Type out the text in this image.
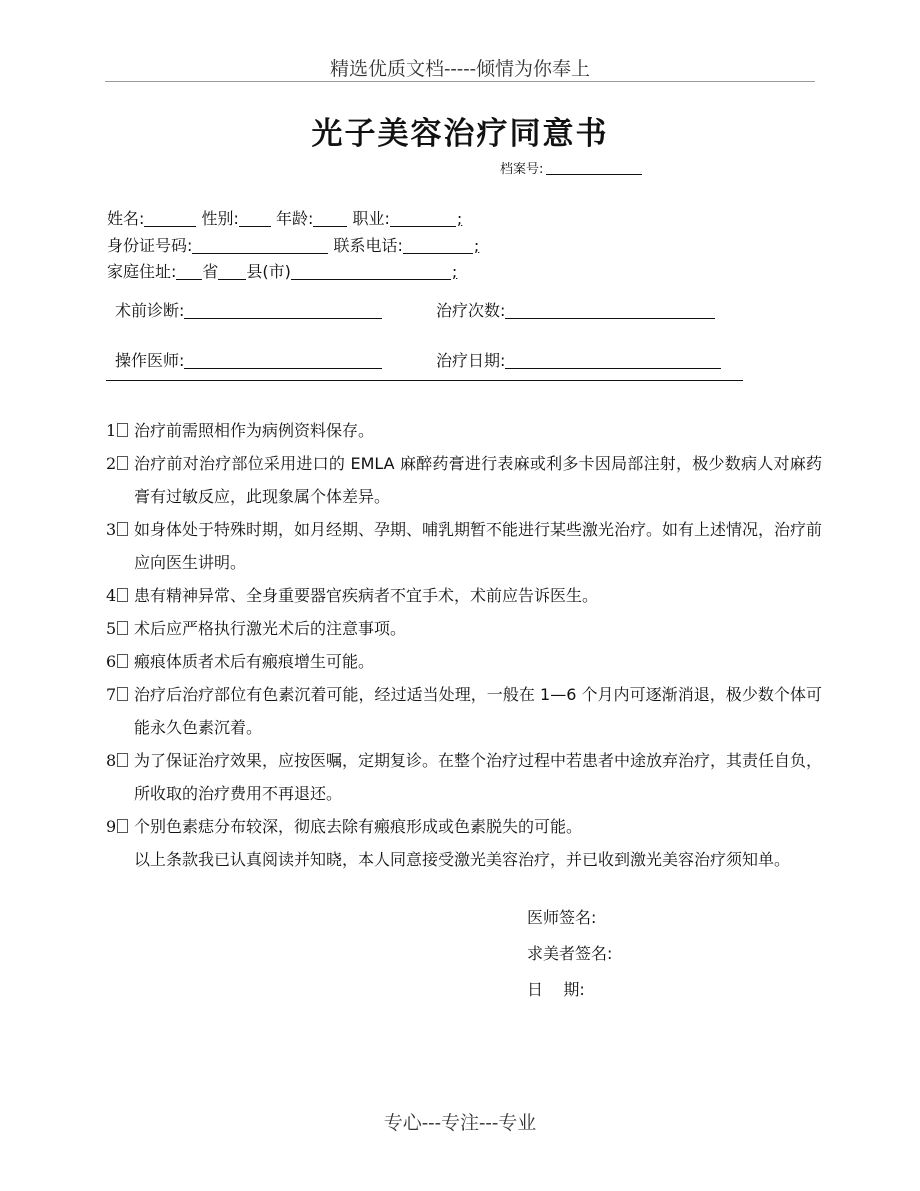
精选优质文档-----倾情为你奉上
光子美容治疗同意书
档案号:
姓名:	性别: 年龄: 职业:	;
身份证号码:	联系电话:	;
家庭住址: 省 县(市)	;
术前诊断:	治疗次数:
操作医师:	治疗日期:
1	治疗前需照相作为病例资料保存。
2	治疗前对治疗部位采用进口的 EMLA 麻醉药膏进行表麻或利多卡因局部注射，极少数病人对麻药膏有过敏反应，此现象属个体差异。
3	如身体处于特殊时期，如月经期、孕期、哺乳期暂不能进行某些激光治疗。如有上述情况，治疗前应向医生讲明。
4	患有精神异常、全身重要器官疾病者不宜手术，术前应告诉医生。
5	术后应严格执行激光术后的注意事项。
6	瘢痕体质者术后有瘢痕增生可能。
7	治疗后治疗部位有色素沉着可能，经过适当处理，一般在 1—6 个月内可逐渐消退，极少数个体可能永久色素沉着。
8	为了保证治疗效果，应按医嘱，定期复诊。在整个治疗过程中若患者中途放弃治疗，其责任自负，所收取的治疗费用不再退还。
9	个别色素痣分布较深，彻底去除有瘢痕形成或色素脱失的可能。
以上条款我已认真阅读并知晓，本人同意接受激光美容治疗，并已收到激光美容治疗须知单。
医师签名:
求美者签名:
日    期:
专心---专注---专业
